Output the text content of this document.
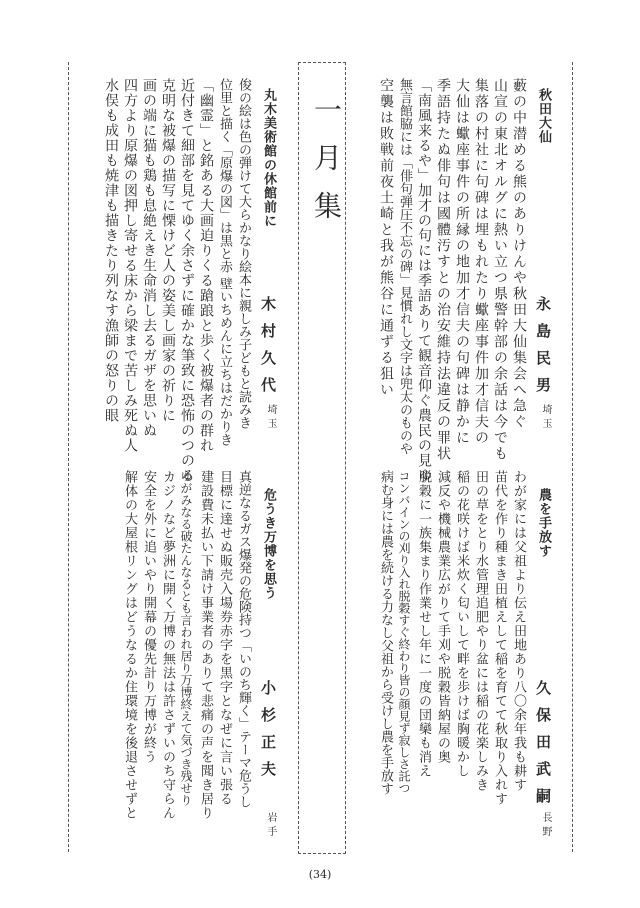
一月集	秋田大仙
永島民男
埼玉
藪の中潜める熊のありけんや秋田大仙集会へ急ぐ
山宣の東北オルグに熱い立つ県警幹部の余話は今でも
集落の村社に句碑は埋もれたり蠍座事件加才信夫の
大仙は蠍座事件の所縁の地加才信夫の句碑は静かに
季語持たぬ俳句は國體汚すとの治安維持法違反の罪状
「南風来るや」加才の句には季語ありて観音仰ぐ農民の見ゆ
無言館脇には「俳句弾圧不忘の碑」見慣れし文字は兜太のものや
空襲は敗戦前夜土崎と我が熊谷に通ずる狙い
農を手放す
久保田武嗣
長野
わが家には父祖より伝え田地あり八〇余年我も耕す
苗代を作り種まき田植えして稲を育てて秋取り入れす
田の草をとり水管理追肥やり盆には稲の花楽しみき
稲の花咲けば米炊く匂いして畔を歩けば胸暖かし
減反や機械農業広がりて手刈や脱穀皆納屋の奥
脱穀に一族集まり作業せし年に一度の団欒も消え
コンバインの刈り入れ脱穀すぐ終わり皆の顔見ず寂しさ託つ
病む身には農を続ける力なし父祖から受けし農を手放す
丸木美術館の休館前に
木村久代
埼玉
俊の絵は色の弾けて大らかなり絵本に親しみ子どもと読みき
位里と描く「原爆の図」は黒と赤 壁いちめんに立ちはだかりき
「幽霊」と銘ある大画迫りくる蹌踉と歩く被爆者の群れ
近付きて細部を見てゆく余さずに確かな筆致に恐怖のつのる
克明な被爆の描写に慄けど人の姿美し画家の祈りに
画の端に猫も鶏も息絶えき生命消し去るガザを思いぬ
四方より原爆の図押し寄せる床から梁まで苦しみ死ぬ人
水俣も成田も焼津も描きたり列なす漁師の怒りの眼
危うき万博を思う
小杉正夫
岩手
真逆なるガス爆発の危険持つ「いのち輝く」テーマ危うし
目標に達せぬ販売入場券赤字を黒字となぜに言い張る
建設費未払い下請け事業者のありて悲痛の声を聞き居り
ゆがみなる破たんなるとも言われ居り万博終えて気づき残せり
カジノなど夢洲に開く万博の無法は許さずいのち守らん
安全を外に追いやり開幕の優先計り万博が終う
解体の大屋根リングはどうなるか住環境を後退させずと
(34)
